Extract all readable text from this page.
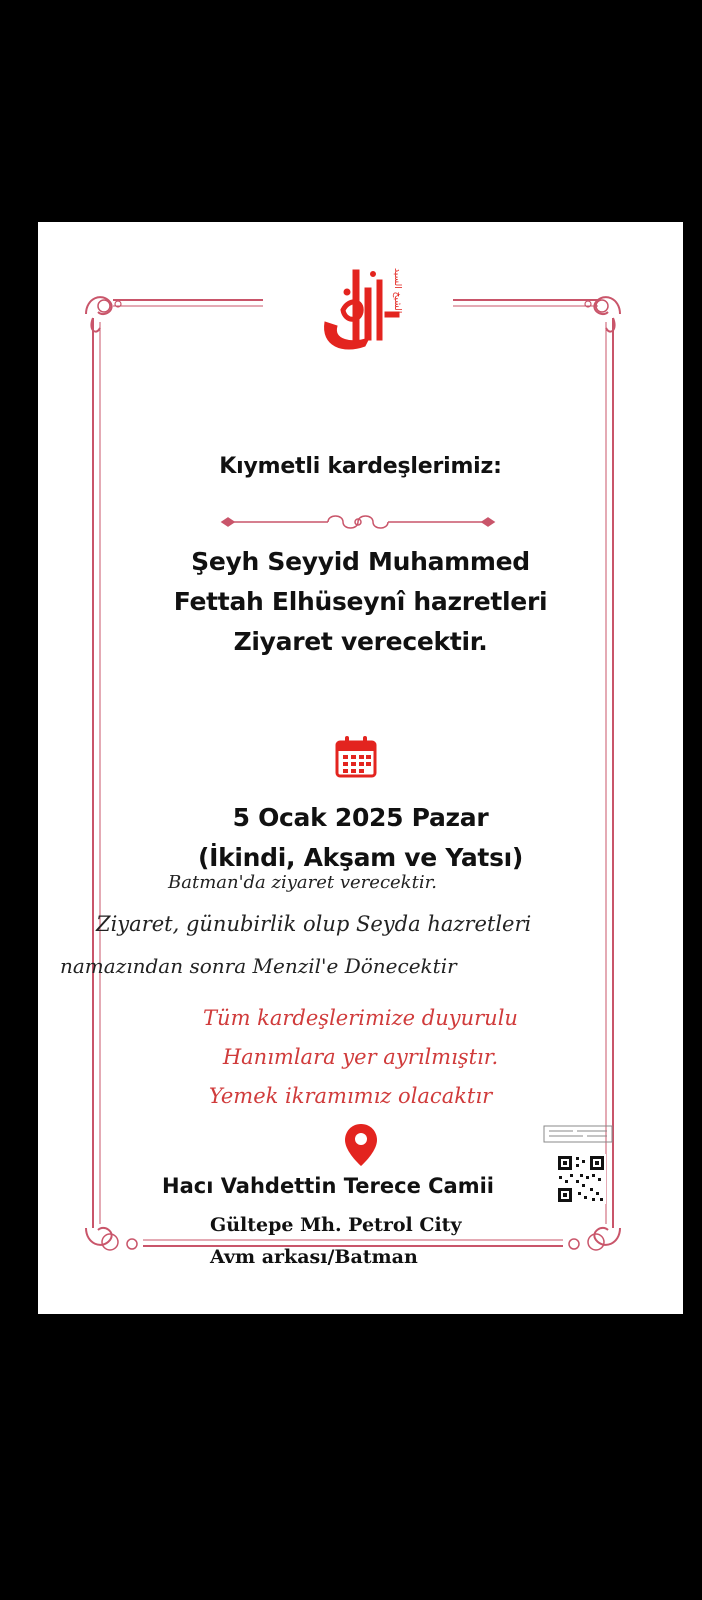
الشيخ السيد
Kıymetli kardeşlerimiz:
Şeyh Seyyid Muhammed
Fettah Elhüseynî hazretleri
Ziyaret verecektir.
5 Ocak 2025 Pazar
(İkindi, Akşam ve Yatsı)
Batman'da ziyaret verecektir.
Ziyaret, günubirlik olup Seyda hazretleri
namazından sonra Menzil'e Dönecektir
Tüm kardeşlerimize duyurulu
Hanımlara yer ayrılmıştır.
Yemek ikramımız olacaktır
Hacı Vahdettin Terece Camii
Gültepe Mh. Petrol City
Avm arkası/Batman
